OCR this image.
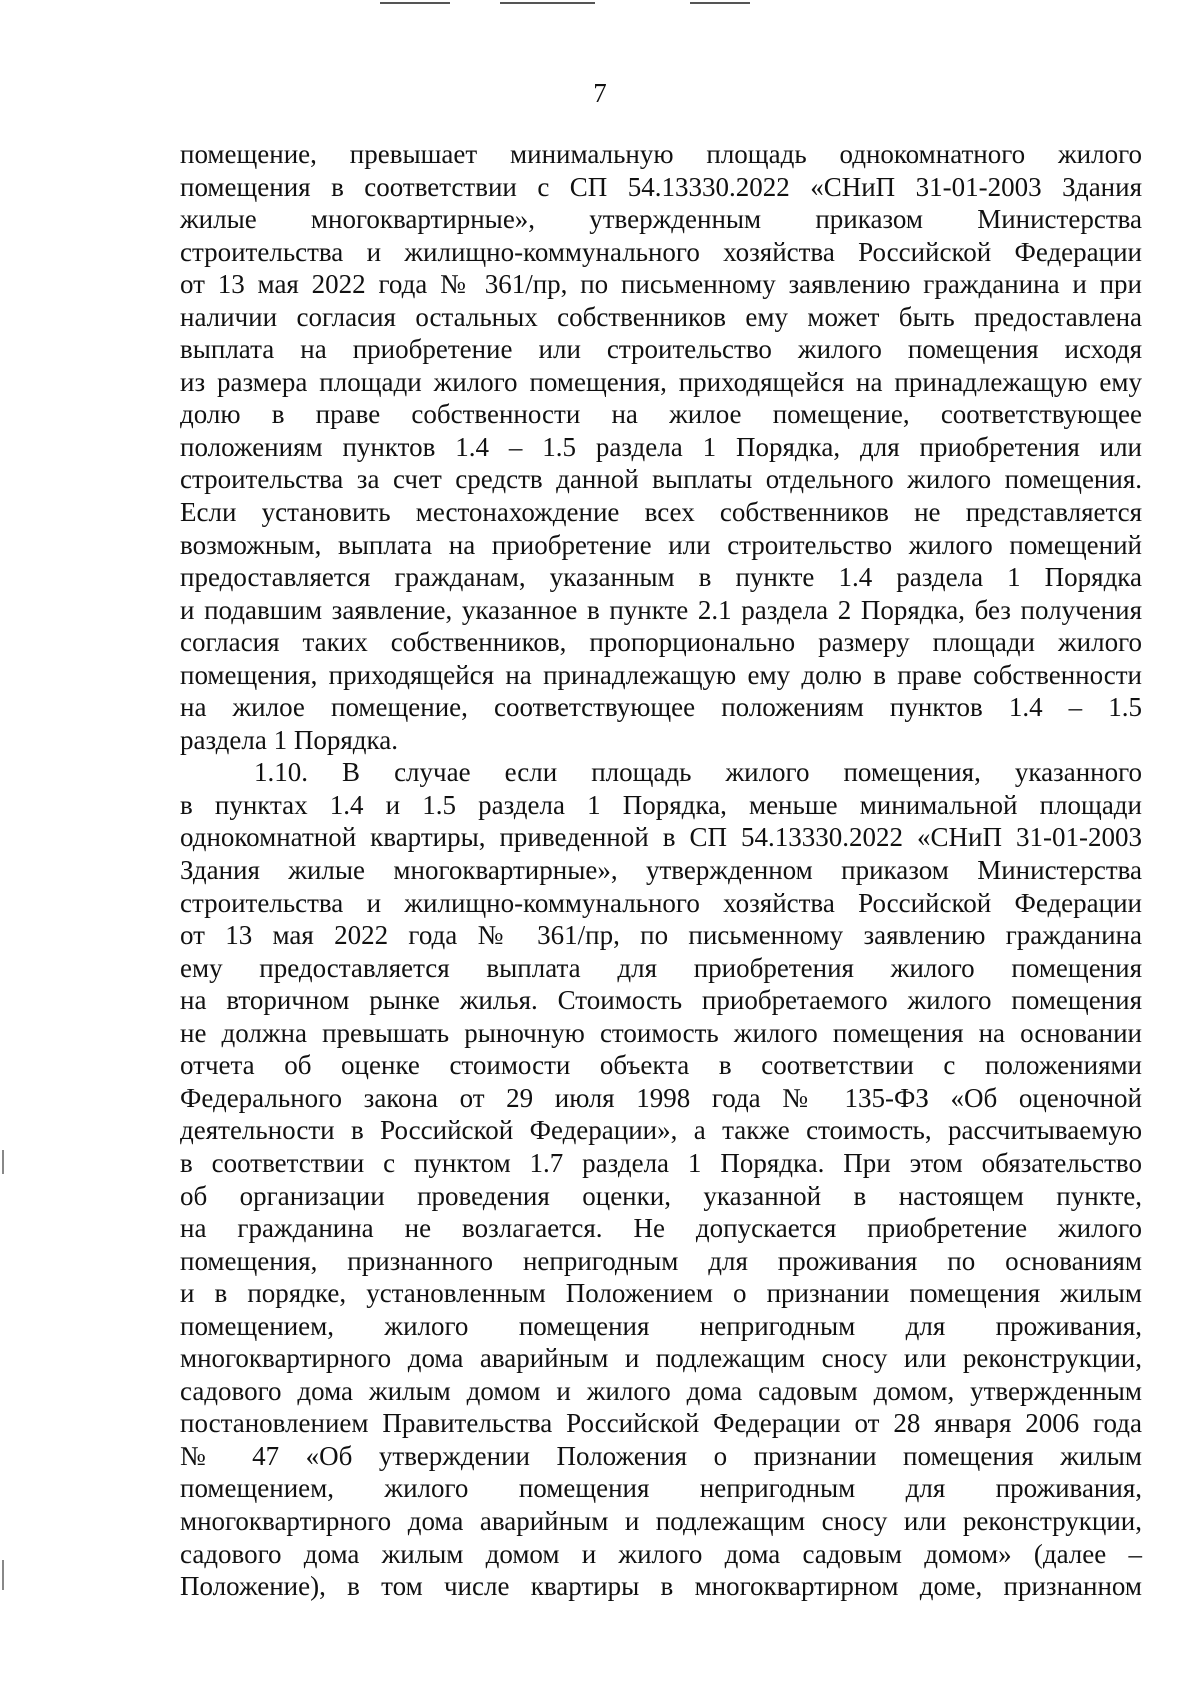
7
помещение, превышает минимальную площадь однокомнатного жилого
помещения в соответствии с СП 54.13330.2022 «СНиП 31-01-2003 Здания
жилые многоквартирные», утвержденным приказом Министерства
строительства и жилищно-коммунального хозяйства Российской Федерации
от 13 мая 2022 года № 361/пр, по письменному заявлению гражданина и при
наличии согласия остальных собственников ему может быть предоставлена
выплата на приобретение или строительство жилого помещения исходя
из размера площади жилого помещения, приходящейся на принадлежащую ему
долю в праве собственности на жилое помещение, соответствующее
положениям пунктов 1.4 – 1.5 раздела 1 Порядка, для приобретения или
строительства за счет средств данной выплаты отдельного жилого помещения.
Если установить местонахождение всех собственников не представляется
возможным, выплата на приобретение или строительство жилого помещений
предоставляется гражданам, указанным в пункте 1.4 раздела 1 Порядка
и подавшим заявление, указанное в пункте 2.1 раздела 2 Порядка, без получения
согласия таких собственников, пропорционально размеру площади жилого
помещения, приходящейся на принадлежащую ему долю в праве собственности
на жилое помещение, соответствующее положениям пунктов 1.4 – 1.5
раздела 1 Порядка.
1.10. В случае если площадь жилого помещения, указанного
в пунктах 1.4 и 1.5 раздела 1 Порядка, меньше минимальной площади
однокомнатной квартиры, приведенной в СП 54.13330.2022 «СНиП 31-01-2003
Здания жилые многоквартирные», утвержденном приказом Министерства
строительства и жилищно-коммунального хозяйства Российской Федерации
от 13 мая 2022 года № 361/пр, по письменному заявлению гражданина
ему предоставляется выплата для приобретения жилого помещения
на вторичном рынке жилья. Стоимость приобретаемого жилого помещения
не должна превышать рыночную стоимость жилого помещения на основании
отчета об оценке стоимости объекта в соответствии с положениями
Федерального закона от 29 июля 1998 года № 135-ФЗ «Об оценочной
деятельности в Российской Федерации», а также стоимость, рассчитываемую
в соответствии с пунктом 1.7 раздела 1 Порядка. При этом обязательство
об организации проведения оценки, указанной в настоящем пункте,
на гражданина не возлагается. Не допускается приобретение жилого
помещения, признанного непригодным для проживания по основаниям
и в порядке, установленным Положением о признании помещения жилым
помещением, жилого помещения непригодным для проживания,
многоквартирного дома аварийным и подлежащим сносу или реконструкции,
садового дома жилым домом и жилого дома садовым домом, утвержденным
постановлением Правительства Российской Федерации от 28 января 2006 года
№ 47 «Об утверждении Положения о признании помещения жилым
помещением, жилого помещения непригодным для проживания,
многоквартирного дома аварийным и подлежащим сносу или реконструкции,
садового дома жилым домом и жилого дома садовым домом» (далее –
Положение), в том числе квартиры в многоквартирном доме, признанном
